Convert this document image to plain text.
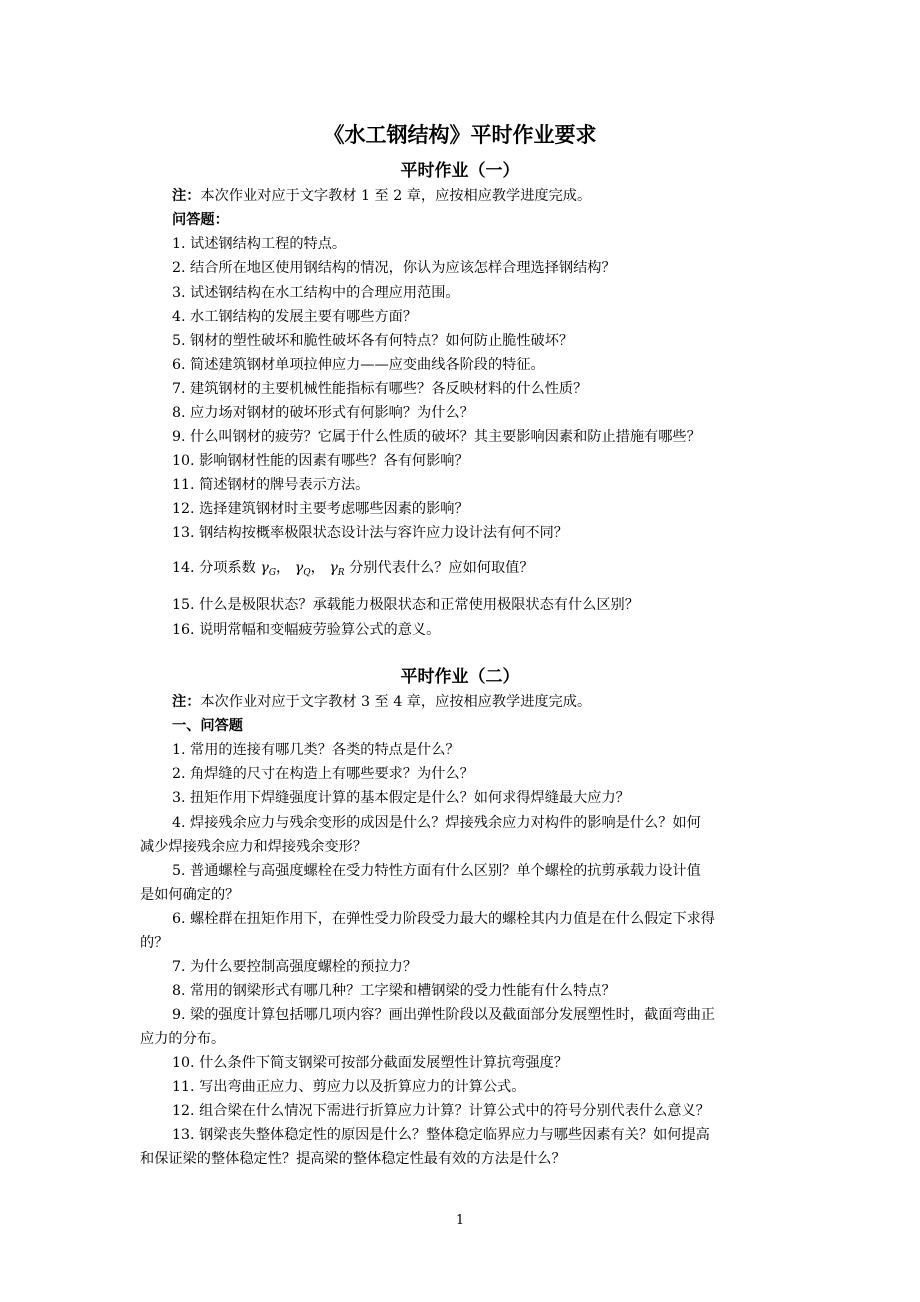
《水工钢结构》平时作业要求
平时作业（一）
注：本次作业对应于文字教材 1 至 2 章，应按相应教学进度完成。
问答题：
1. 试述钢结构工程的特点。
2. 结合所在地区使用钢结构的情况，你认为应该怎样合理选择钢结构？
3. 试述钢结构在水工结构中的合理应用范围。
4. 水工钢结构的发展主要有哪些方面？
5. 钢材的塑性破坏和脆性破坏各有何特点？如何防止脆性破坏？
6. 简述建筑钢材单项拉伸应力——应变曲线各阶段的特征。
7. 建筑钢材的主要机械性能指标有哪些？各反映材料的什么性质？
8. 应力场对钢材的破坏形式有何影响？为什么？
9. 什么叫钢材的疲劳？它属于什么性质的破坏？其主要影响因素和防止措施有哪些？
10. 影响钢材性能的因素有哪些？各有何影响？
11. 简述钢材的牌号表示方法。
12. 选择建筑钢材时主要考虑哪些因素的影响？
13. 钢结构按概率极限状态设计法与容许应力设计法有何不同？
14. 分项系数 $\gamma_G$， $\gamma_Q$， $\gamma_R$ 分别代表什么？应如何取值？
15. 什么是极限状态？承载能力极限状态和正常使用极限状态有什么区别？
16. 说明常幅和变幅疲劳验算公式的意义。
平时作业（二）
注：本次作业对应于文字教材 3 至 4 章，应按相应教学进度完成。
一、问答题
1. 常用的连接有哪几类？各类的特点是什么？
2. 角焊缝的尺寸在构造上有哪些要求？为什么？
3. 扭矩作用下焊缝强度计算的基本假定是什么？如何求得焊缝最大应力？
4. 焊接残余应力与残余变形的成因是什么？焊接残余应力对构件的影响是什么？如何
减少焊接残余应力和焊接残余变形？
5. 普通螺栓与高强度螺栓在受力特性方面有什么区别？单个螺栓的抗剪承载力设计值
是如何确定的？
6. 螺栓群在扭矩作用下，在弹性受力阶段受力最大的螺栓其内力值是在什么假定下求得
的？
7. 为什么要控制高强度螺栓的预拉力？
8. 常用的钢梁形式有哪几种？工字梁和槽钢梁的受力性能有什么特点？
9. 梁的强度计算包括哪几项内容？画出弹性阶段以及截面部分发展塑性时，截面弯曲正
应力的分布。
10. 什么条件下简支钢梁可按部分截面发展塑性计算抗弯强度？
11. 写出弯曲正应力、剪应力以及折算应力的计算公式。
12. 组合梁在什么情况下需进行折算应力计算？计算公式中的符号分别代表什么意义？
13. 钢梁丧失整体稳定性的原因是什么？整体稳定临界应力与哪些因素有关？如何提高
和保证梁的整体稳定性？提高梁的整体稳定性最有效的方法是什么？
1
